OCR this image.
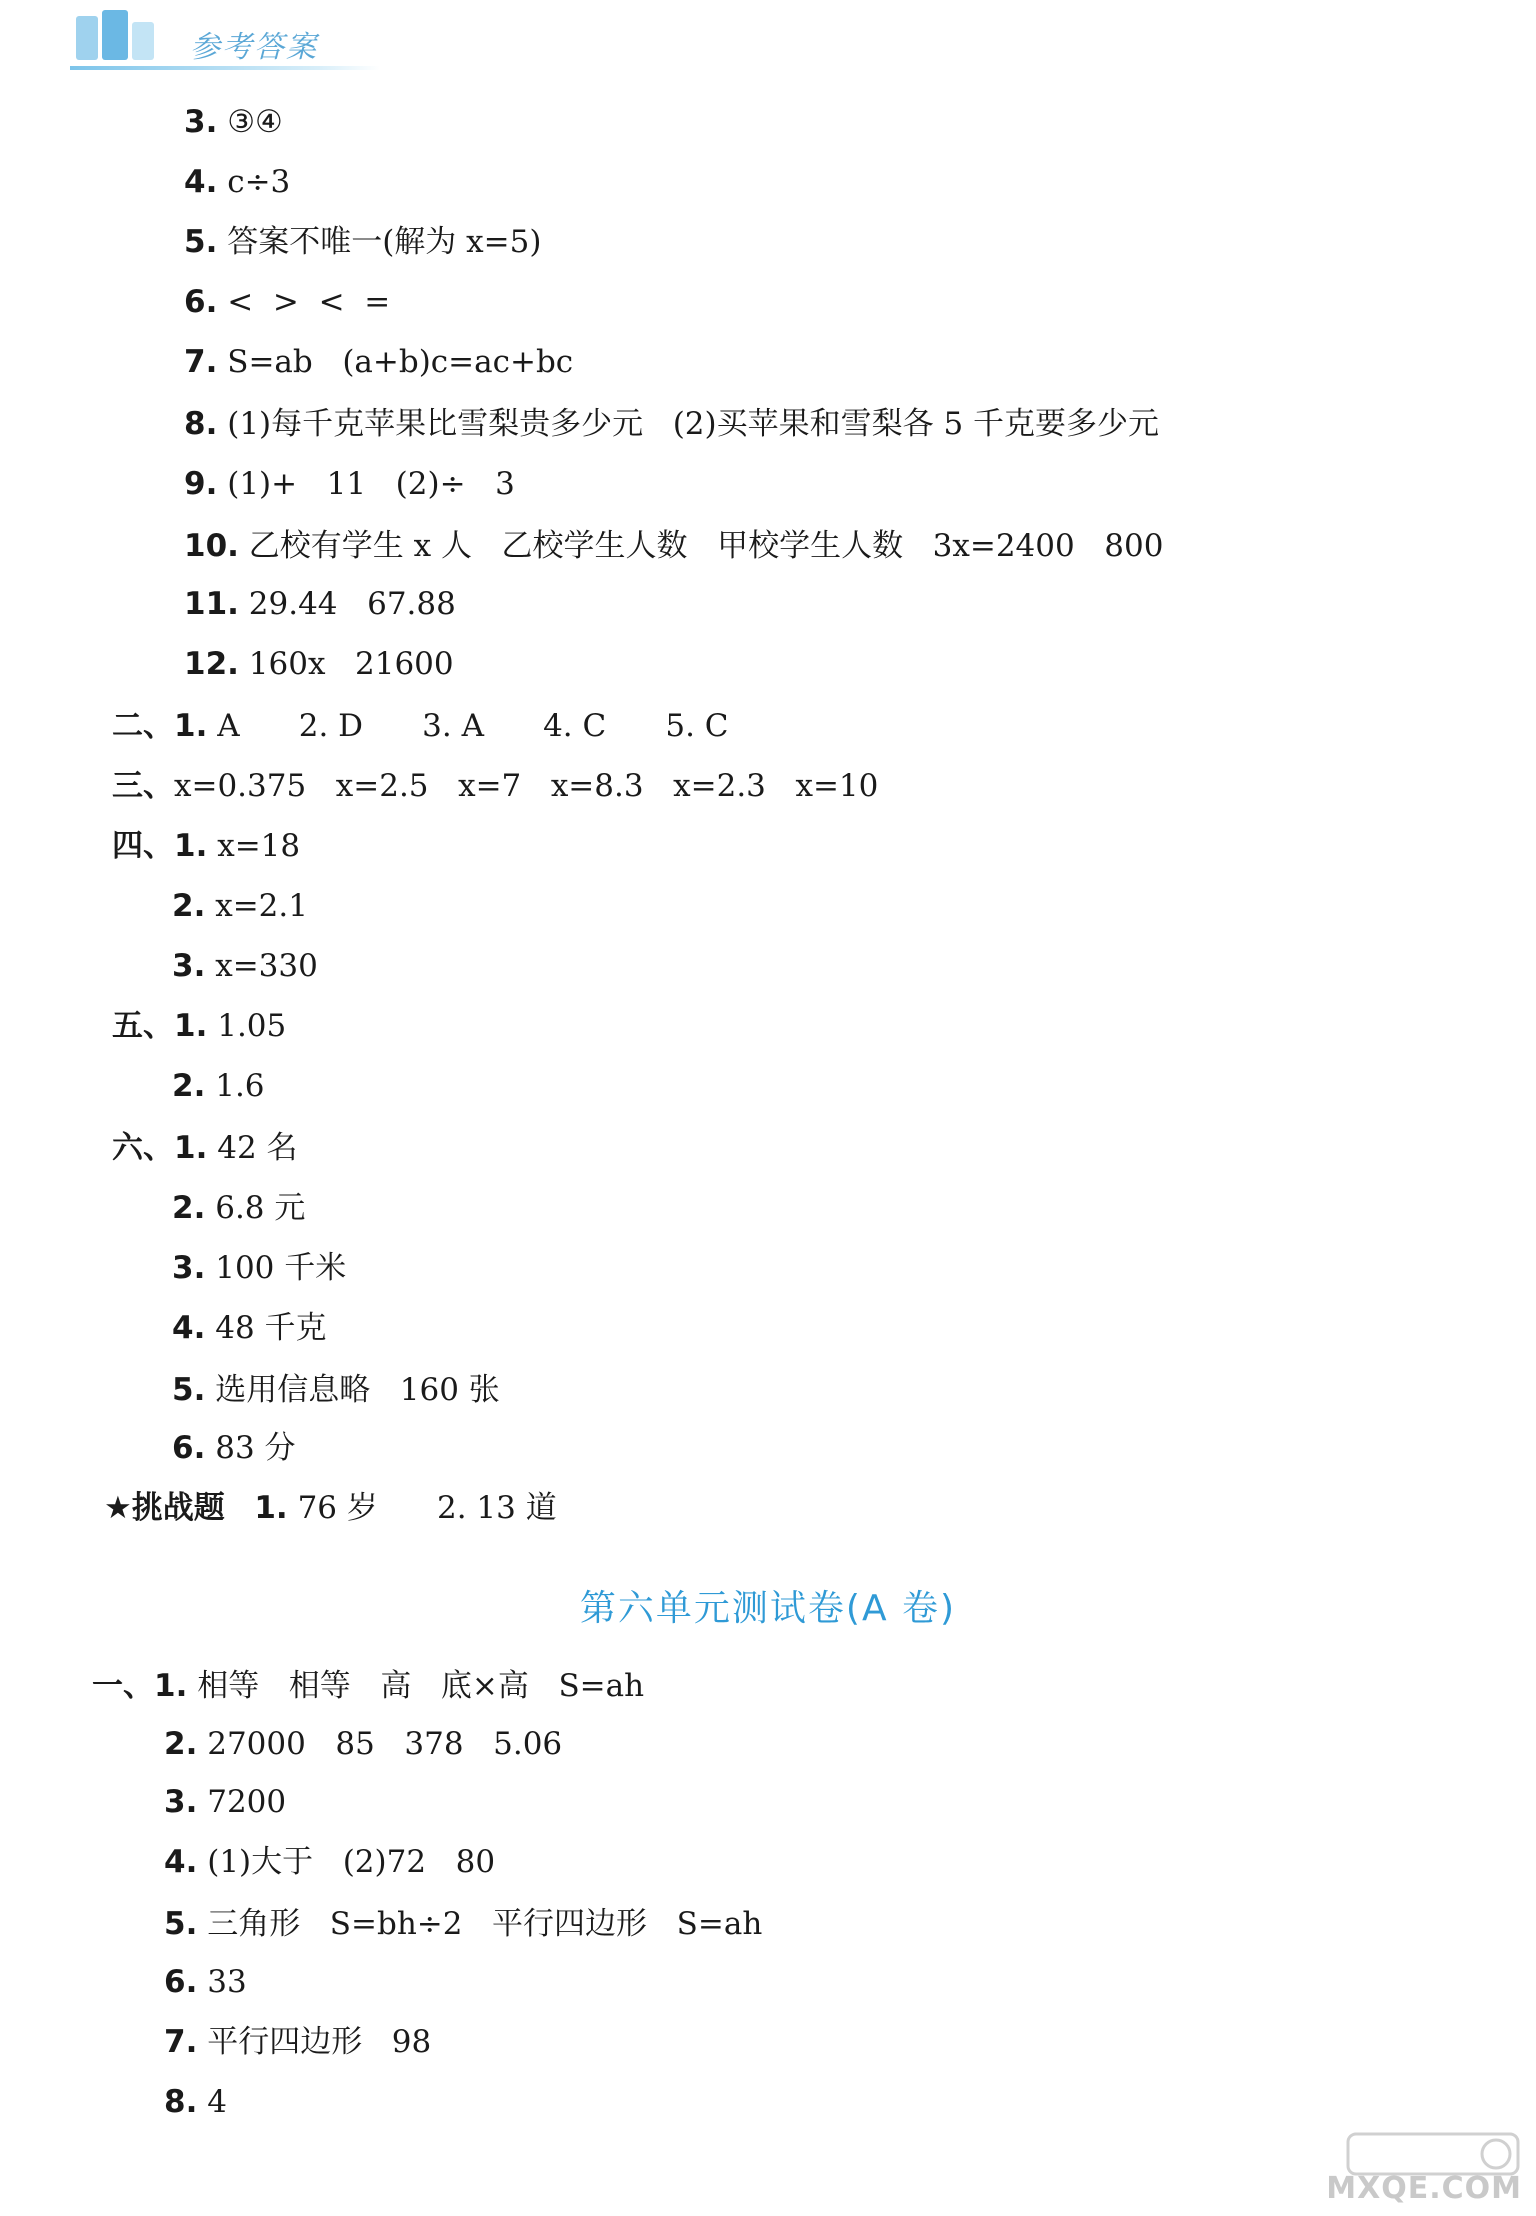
参考答案
3. ③④
4. c÷3
5. 答案不唯一(解为 x=5)
6. <  >  <  =
7. S=ab   (a+b)c=ac+bc
8. (1)每千克苹果比雪梨贵多少元   (2)买苹果和雪梨各 5 千克要多少元
9. (1)+   11   (2)÷   3
10. 乙校有学生 x 人   乙校学生人数   甲校学生人数   3x=2400   800
11. 29.44   67.88
12. 160x   21600
二、1. A      2. D      3. A      4. C      5. C
三、x=0.375   x=2.5   x=7   x=8.3   x=2.3   x=10
四、1. x=18
2. x=2.1
3. x=330
五、1. 1.05
2. 1.6
六、1. 42 名
2. 6.8 元
3. 100 千米
4. 48 千克
5. 选用信息略   160 张
6. 83 分
★挑战题 1. 76 岁      2. 13 道
第六单元测试卷(A 卷)
一、1. 相等   相等   高   底×高   S=ah
2. 27000   85   378   5.06
3. 7200
4. (1)大于   (2)72   80
5. 三角形   S=bh÷2   平行四边形   S=ah
6. 33
7. 平行四边形   98
8. 4
MXQE.COM
